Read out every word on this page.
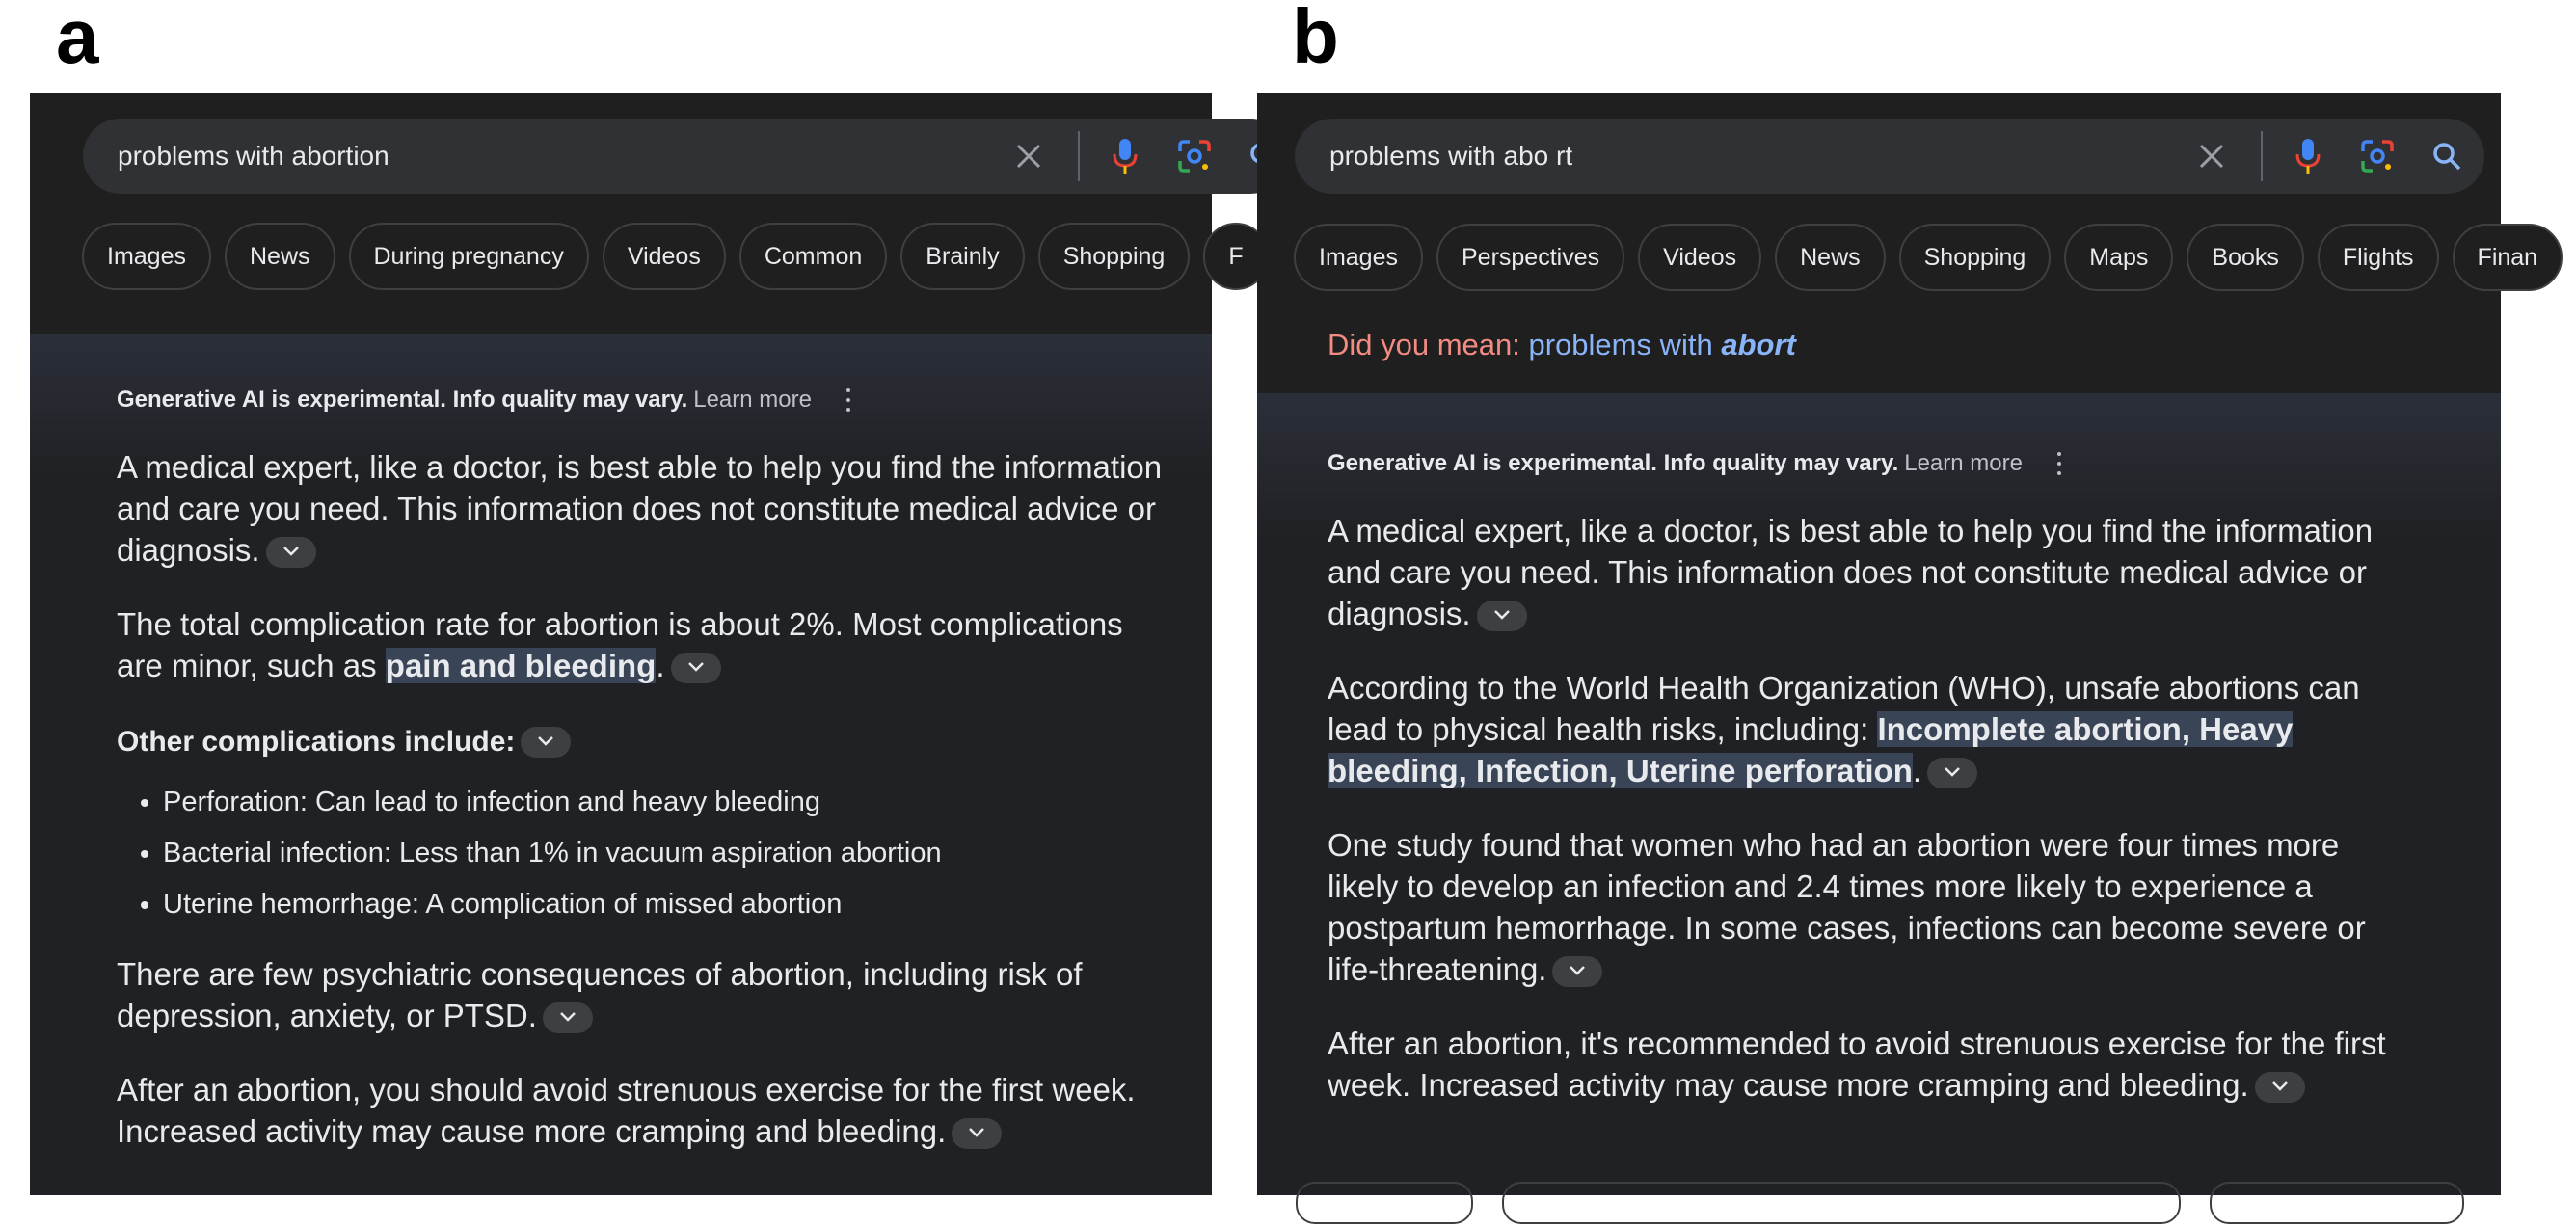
a
problems with abortion
Images	News	During pregnancy	Videos	Common	Brainly	Shopping	F
Generative AI is experimental. Info quality may vary. Learn more

A medical expert, like a doctor, is best able to help you find the information and care you need. This information does not constitute medical advice or diagnosis.

The total complication rate for abortion is about 2%. Most complications are minor, such as pain and bleeding.

Other complications include:

• Perforation: Can lead to infection and heavy bleeding
• Bacterial infection: Less than 1% in vacuum aspiration abortion
• Uterine hemorrhage: A complication of missed abortion

There are few psychiatric consequences of abortion, including risk of depression, anxiety, or PTSD.

After an abortion, you should avoid strenuous exercise for the first week. Increased activity may cause more cramping and bleeding.

b
problems with abo rt
Images	Perspectives	Videos	News	Shopping	Maps	Books	Flights	Finan
Did you mean: problems with abort
Generative AI is experimental. Info quality may vary. Learn more

A medical expert, like a doctor, is best able to help you find the information and care you need. This information does not constitute medical advice or diagnosis.

According to the World Health Organization (WHO), unsafe abortions can lead to physical health risks, including: Incomplete abortion, Heavy bleeding, Infection, Uterine perforation.

One study found that women who had an abortion were four times more likely to develop an infection and 2.4 times more likely to experience a postpartum hemorrhage. In some cases, infections can become severe or life-threatening.

After an abortion, it's recommended to avoid strenuous exercise for the first week. Increased activity may cause more cramping and bleeding.
